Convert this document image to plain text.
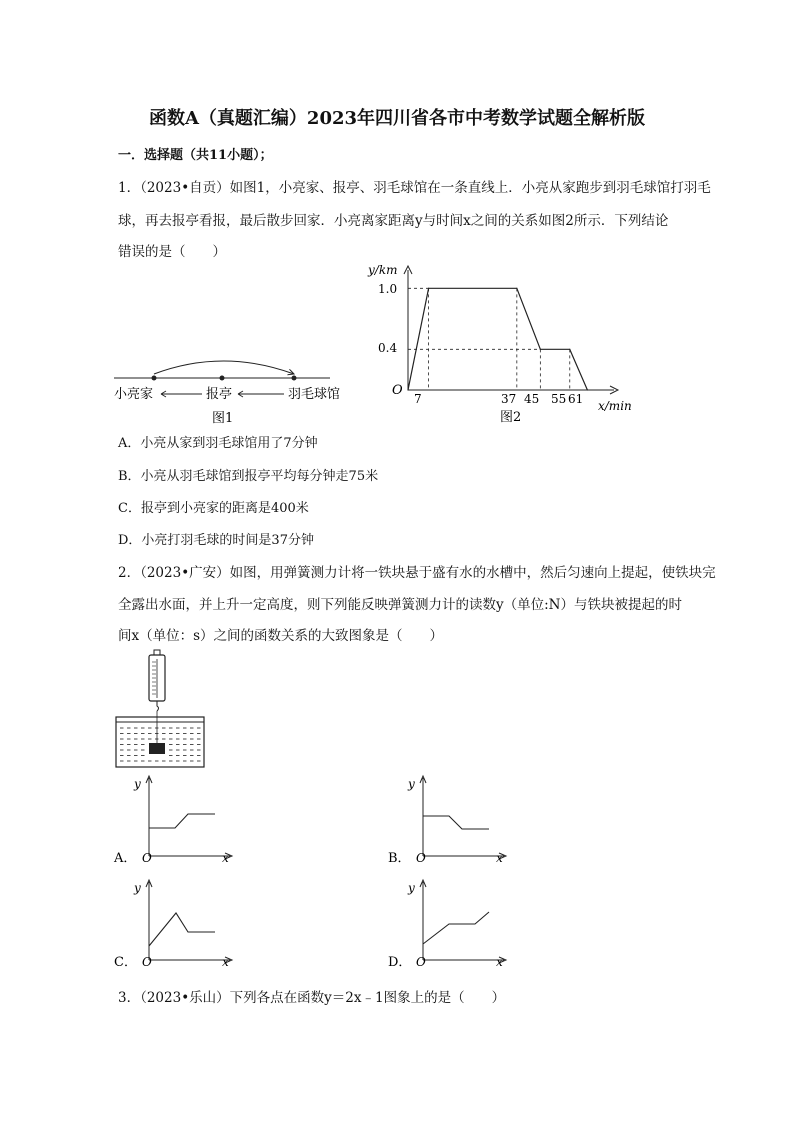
函数A（真题汇编）2023年四川省各市中考数学试题全解析版
一．选择题（共11小题）；
1．（2023•自贡）如图1，小亮家、报亭、羽毛球馆在一条直线上．小亮从家跑步到羽毛球馆打羽毛
球，再去报亭看报，最后散步回家．小亮离家距离y与时间x之间的关系如图2所示．下列结论
错误的是（　　）
小亮家	报亭	羽毛球馆
图1
y/km
x/min
O
1.0
0.4
7	37 45 55 61
图2
A．小亮从家到羽毛球馆用了7分钟
B．小亮从羽毛球馆到报亭平均每分钟走75米
C．报亭到小亮家的距离是400米
D．小亮打羽毛球的时间是37分钟
2．（2023•广安）如图，用弹簧测力计将一铁块悬于盛有水的水槽中，然后匀速向上提起，使铁块完
全露出水面，并上升一定高度，则下列能反映弹簧测力计的读数y（单位:N）与铁块被提起的时
间x（单位：s）之间的函数关系的大致图象是（　　）
y
x
O
A．
y
x
O
B．
y
x
O
C．
y
x
O
D．
3．（2023•乐山）下列各点在函数y＝2x﹣1图象上的是（　　）
